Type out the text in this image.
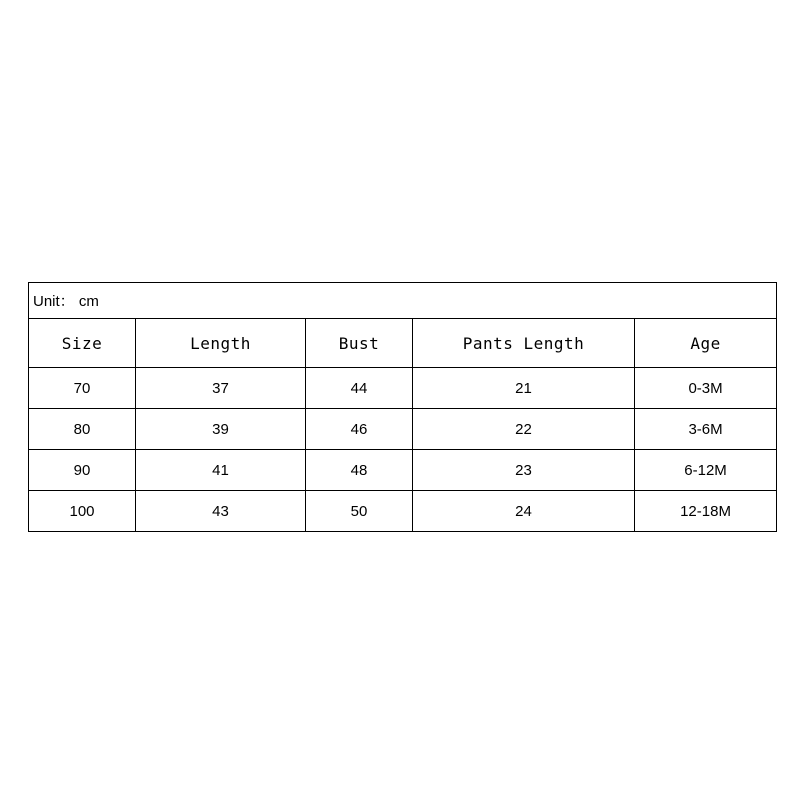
Unit： cm				
Size	Length	Bust	Pants Length	Age
70	37	44	21	0-3M
80	39	46	22	3-6M
90	41	48	23	6-12M
100	43	50	24	12-18M
